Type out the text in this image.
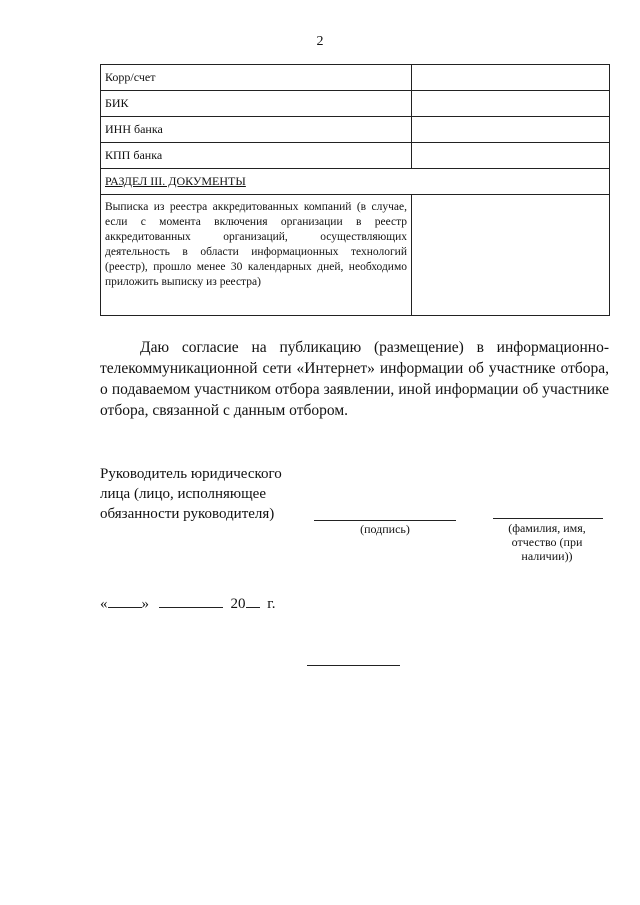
2
Корр/счет	
БИК	
ИНН банка	
КПП банка	
РАЗДЕЛ III. ДОКУМЕНТЫ	
Выписка из реестра аккредитованных компаний (в случае, если с момента включения организации в реестр аккредитованных организаций, осуществляющих деятельность в области информационных технологий (реестр), прошло менее 30 календарных дней, необходимо приложить выписку из реестра)	
Даю согласие на публикацию (размещение) в информационно-телекоммуникационной сети «Интернет» информации об участнике отбора, о подаваемом участником отбора заявлении, иной информации об участнике отбора, связанной с данным отбором.
Руководитель юридического лица (лицо, исполняющее обязанности руководителя)
(подпись)	(фамилия, имя, отчество (при наличии))
« »	20 г.
